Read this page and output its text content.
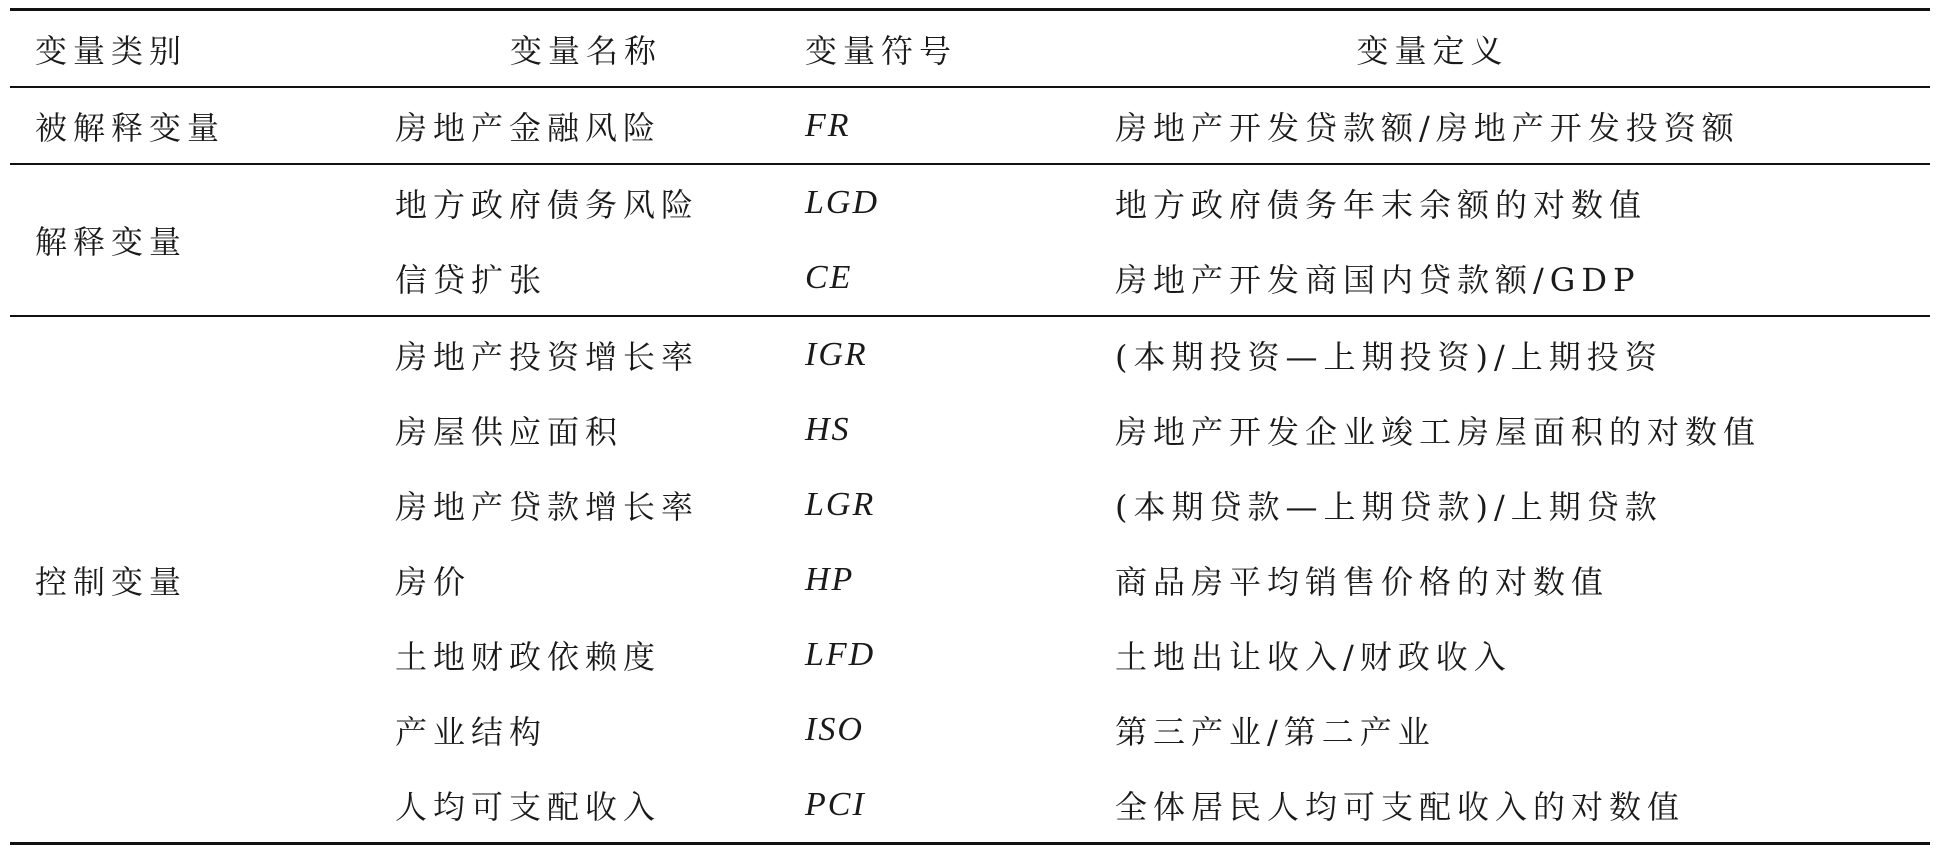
变量类别	变量名称	变量符号	变量定义
被解释变量	房地产金融风险	FR	房地产开发贷款额/房地产开发投资额
解释变量	地方政府债务风险	LGD	地方政府债务年末余额的对数值
	信贷扩张	CE	房地产开发商国内贷款额/GDP
控制变量	房地产投资增长率	IGR	(本期投资—上期投资)/上期投资
	房屋供应面积	HS	房地产开发企业竣工房屋面积的对数值
	房地产贷款增长率	LGR	(本期贷款—上期贷款)/上期贷款
	房价	HP	商品房平均销售价格的对数值
	土地财政依赖度	LFD	土地出让收入/财政收入
	产业结构	ISO	第三产业/第二产业
	人均可支配收入	PCI	全体居民人均可支配收入的对数值
